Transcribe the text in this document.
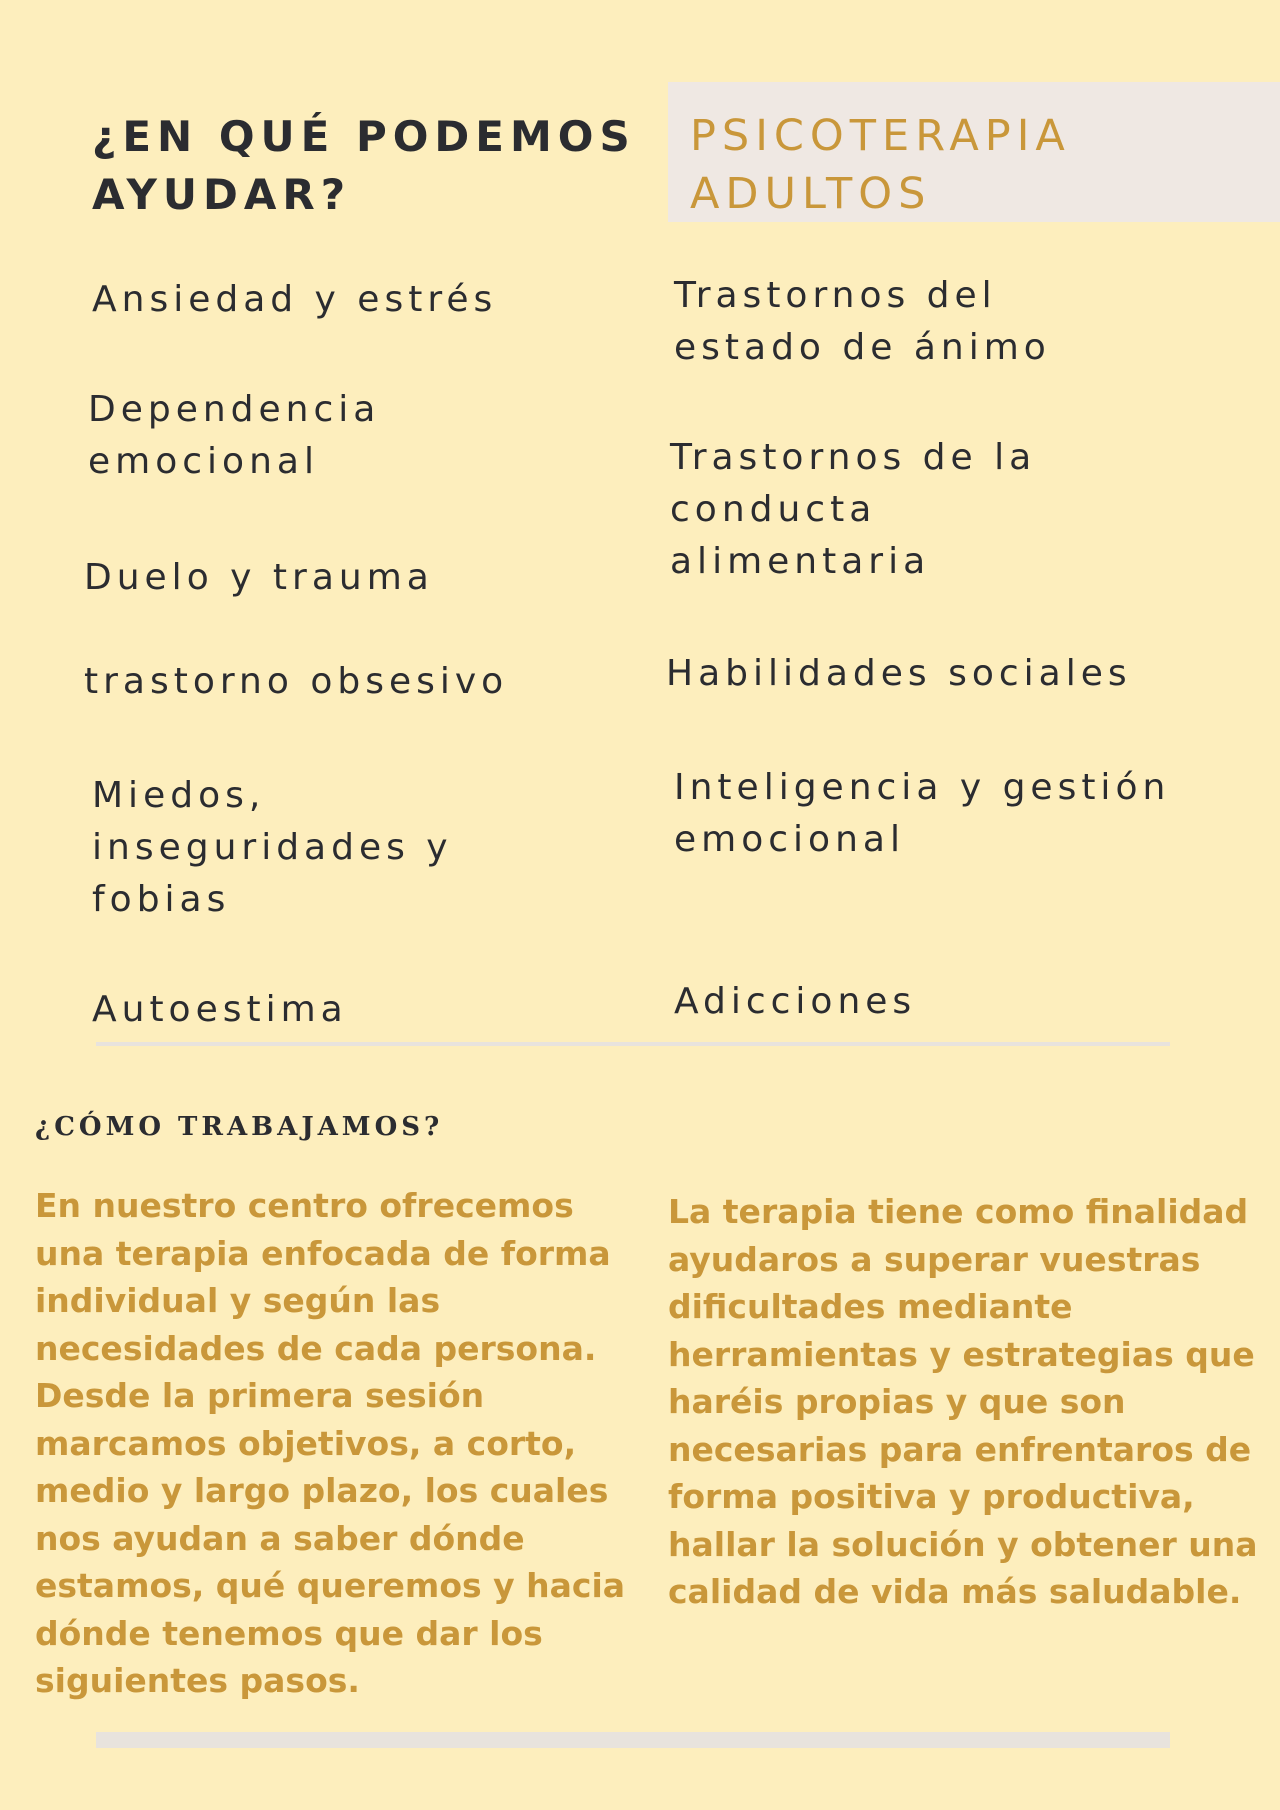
¿EN QUÉ PODEMOS AYUDAR?

PSICOTERAPIA ADULTOS

Ansiedad y estrés

Dependencia emocional

Duelo y trauma

trastorno obsesivo

Miedos, inseguridades y fobias

Autoestima

Trastornos del estado de ánimo

Trastornos de la conducta alimentaria

Habilidades sociales

Inteligencia y gestión emocional

Adicciones

¿CÓMO TRABAJAMOS?

En nuestro centro ofrecemos una terapia enfocada de forma individual y según las necesidades de cada persona. Desde la primera sesión marcamos objetivos, a corto, medio y largo plazo, los cuales nos ayudan a saber dónde estamos, qué queremos y hacia dónde tenemos que dar los siguientes pasos.

La terapia tiene como finalidad ayudaros a superar vuestras dificultades mediante herramientas y estrategias que haréis propias y que son necesarias para enfrentaros de forma positiva y productiva, hallar la solución y obtener una calidad de vida más saludable.
